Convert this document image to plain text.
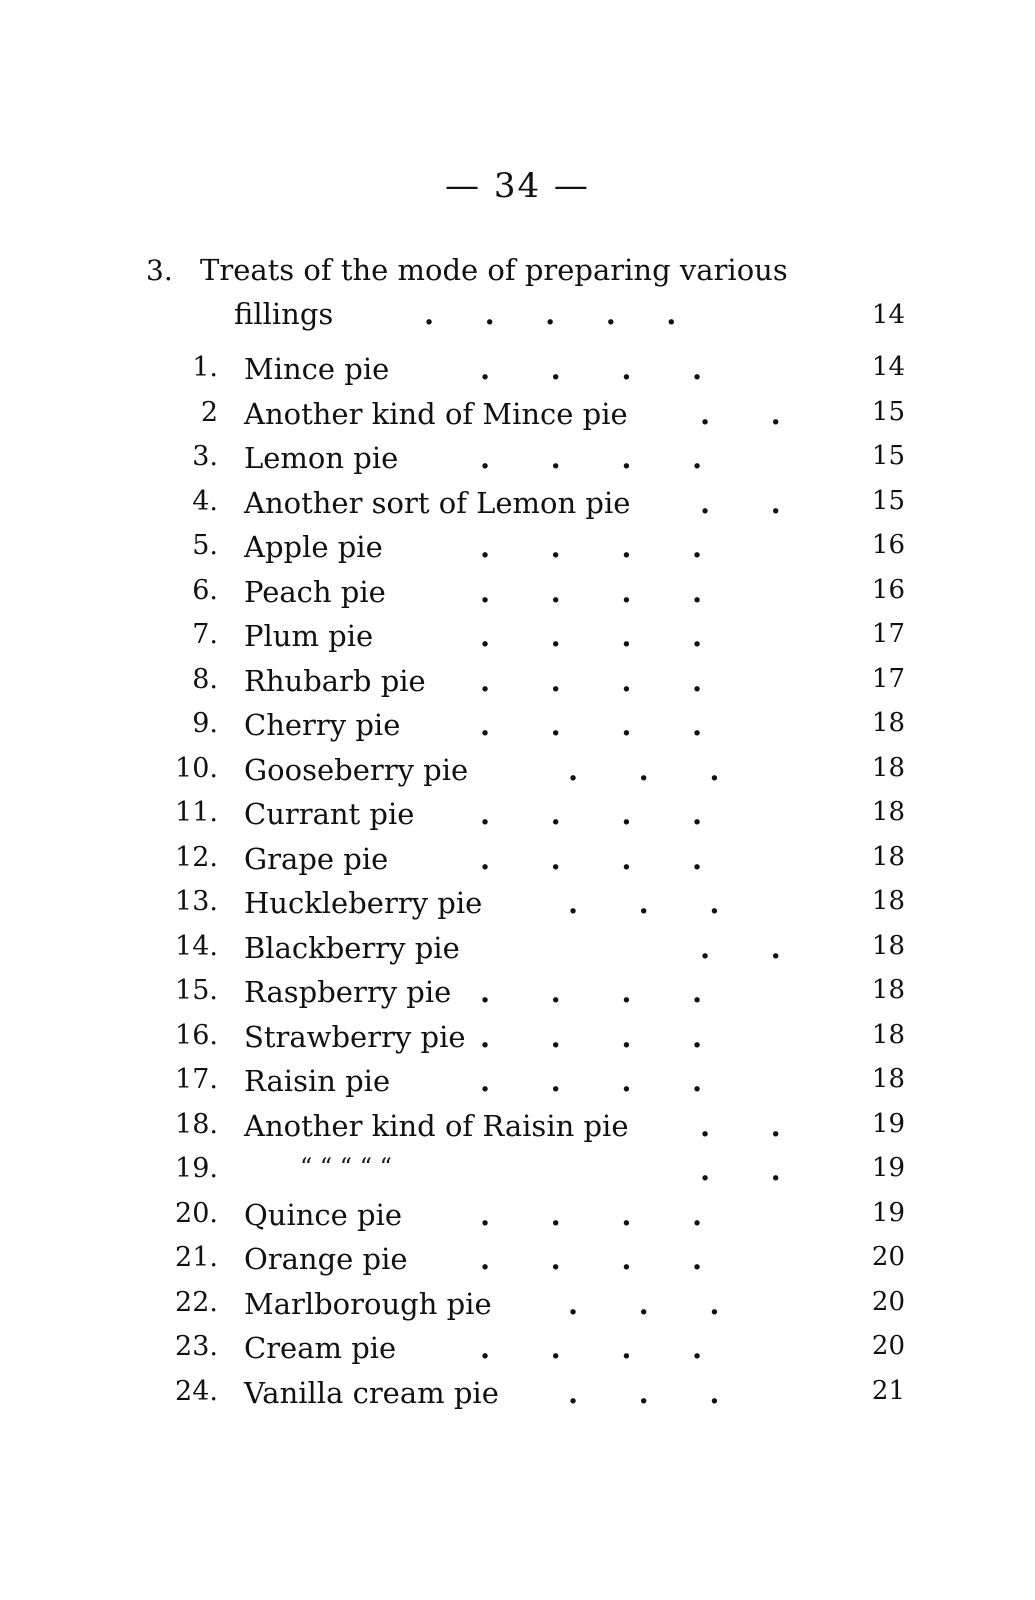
— 34 —
3. Treats of the mode of preparing various
fillings	.     .     .     .     .	14
1. Mince pie	.      .      .      .	14
2 Another kind of Mince pie .      .	15
3. Lemon pie	.      .      .      .	15
4. Another sort of Lemon pie .      .	15
5. Apple pie	.      .      .      .	16
6. Peach pie	.      .      .      .	16
7. Plum pie	.      .      .      .	17
8. Rhubarb pie .      .      .      .	17
9. Cherry pie	.      .      .      .	18
10. Gooseberry pie	.      .      .	18
11. Currant pie .      .      .      .	18
12. Grape pie	.      .      .      .	18
13. Huckleberry pie	.      .      .	18
14. Blackberry pie	.      .	18
15. Raspberry pie .      .      .      .	18
16. Strawberry pie .      .      .      .	18
17. Raisin pie	.      .      .      .	18
18. Another kind of Raisin pie .      .	19
19.	“ “ “ “ “	.      .	19
20. Quince pie	.      .      .      .	19
21. Orange pie .      .      .      .	20
22. Marlborough pie	.      .      .	20
23. Cream pie	.      .      .      .	20
24. Vanilla cream pie .      .      .	21
